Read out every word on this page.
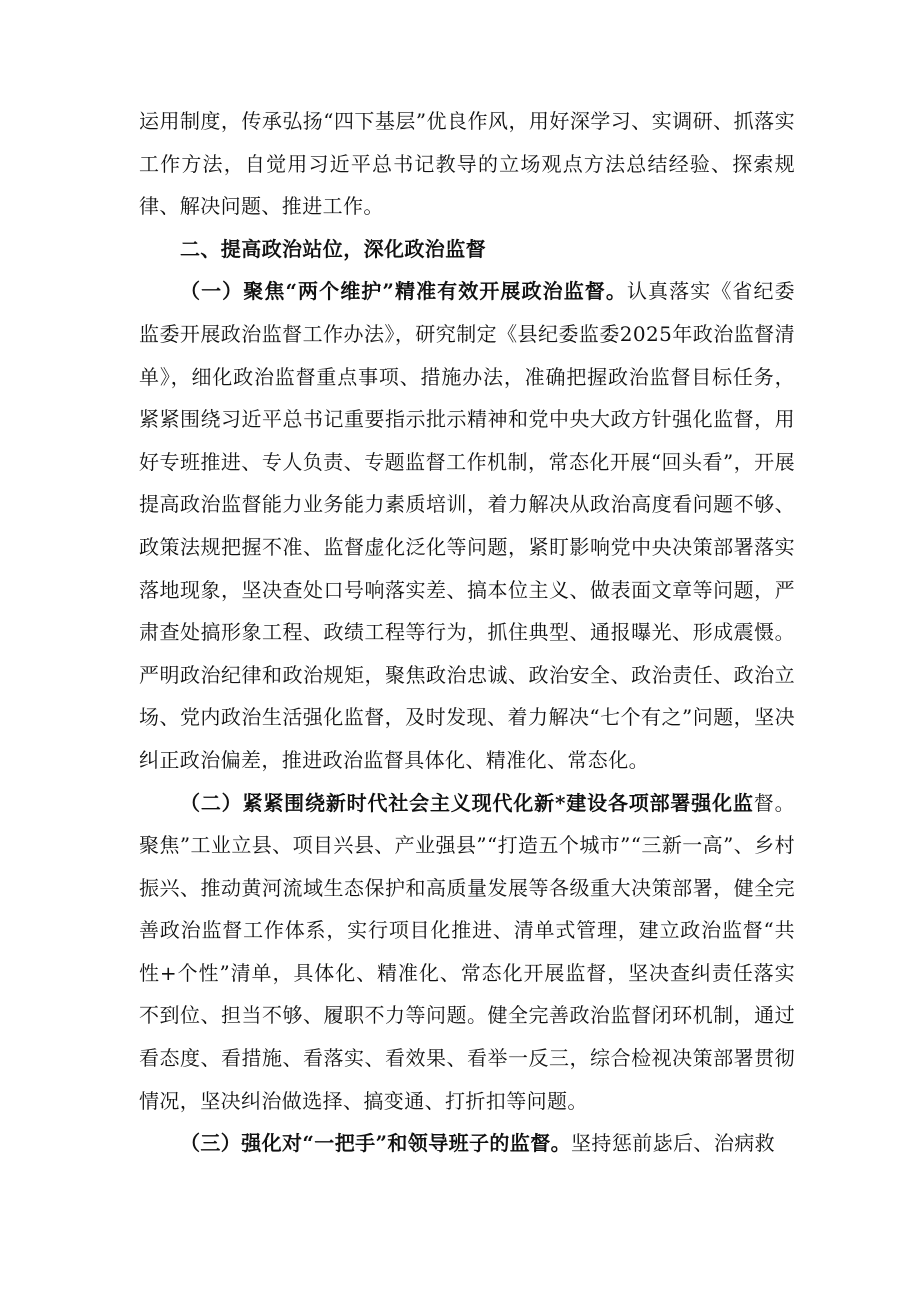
运用制度，传承弘扬“四下基层”优良作风，用好深学习、实调研、抓落实工作方法，自觉用习近平总书记教导的立场观点方法总结经验、探索规律、解决问题、推进工作。

二、提高政治站位，深化政治监督

（一）聚焦“两个维护”精准有效开展政治监督。认真落实《省纪委监委开展政治监督工作办法》，研究制定《县纪委监委2025年政治监督清单》，细化政治监督重点事项、措施办法，准确把握政治监督目标任务，紧紧围绕习近平总书记重要指示批示精神和党中央大政方针强化监督，用好专班推进、专人负责、专题监督工作机制，常态化开展“回头看”，开展提高政治监督能力业务能力素质培训，着力解决从政治高度看问题不够、政策法规把握不准、监督虚化泛化等问题，紧盯影响党中央决策部署落实落地现象，坚决查处口号响落实差、搞本位主义、做表面文章等问题，严肃查处搞形象工程、政绩工程等行为，抓住典型、通报曝光、形成震慑。严明政治纪律和政治规矩，聚焦政治忠诚、政治安全、政治责任、政治立场、党内政治生活强化监督，及时发现、着力解决“七个有之”问题，坚决纠正政治偏差，推进政治监督具体化、精准化、常态化。

（二）紧紧围绕新时代社会主义现代化新*建设各项部署强化监督。聚焦”工业立县、项目兴县、产业强县”“打造五个城市”“三新一高”、乡村振兴、推动黄河流域生态保护和高质量发展等各级重大决策部署，健全完善政治监督工作体系，实行项目化推进、清单式管理，建立政治监督“共性+个性”清单，具体化、精准化、常态化开展监督，坚决查纠责任落实不到位、担当不够、履职不力等问题。健全完善政治监督闭环机制，通过看态度、看措施、看落实、看效果、看举一反三，综合检视决策部署贯彻情况，坚决纠治做选择、搞变通、打折扣等问题。

（三）强化对“一把手”和领导班子的监督。坚持惩前毖后、治病救
